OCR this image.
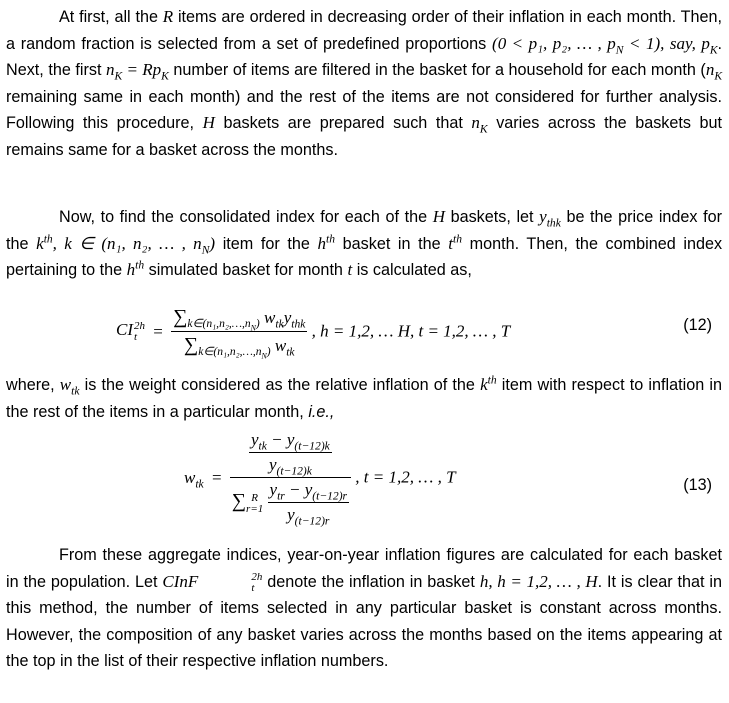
At first, all the R items are ordered in decreasing order of their inflation in each month. Then, a random fraction is selected from a set of predefined proportions (0 < p₁, p₂, … , $p_N < 1$), say, $p_K$. Next, the first $n_K = Rp_K$ number of items are filtered in the basket for a household for each month ($n_K$ remaining same in each month) and the rest of the items are not considered for further analysis. Following this procedure, H baskets are prepared such that $n_K$ varies across the baskets but remains same for a basket across the months.

Now, to find the consolidated index for each of the H baskets, let $y_{thk}$ be the price index for the $k^{th}$, k ∈ (n₁, n₂, … , $n_N$) item for the $h^{th}$ basket in the $t^{th}$ month. Then, the combined index pertaining to the $h^{th}$ simulated basket for month t is calculated as,

CI 2h
$t = \frac{\sum_{k\in(n_1,n_2,\dots,n_N)} w_{tk}y_{thk}}{\sum_{k\in(n_1,n_2,\dots,n_N)} w_{tk}}$ , h = 1,2, … H, t = 1,2, … , T	(12)

where, $w_{tk}$ is the weight considered as the relative inflation of the $k^{th}$ item with respect to inflation in the rest of the items in a particular month, i.e.,

$w_{tk}$ =
$\frac{y_{tk} - y_{(t-12)k}}{y_{(t-12)k}}$
∑ R
r=1
$\frac{y_{tr} - y_{(t-12)r}}{y_{(t-12)r}}$
, t = 1,2, … , T	(13)

From these aggregate indices, year-on-year inflation figures are calculated for each basket in the population. Let CInF	2h
t denote the inflation in basket h, h = 1,2, … , H. It is clear that in this method, the number of items selected in any particular basket is constant across months. However, the composition of any basket varies across the months based on the items appearing at the top in the list of their respective inflation numbers.
